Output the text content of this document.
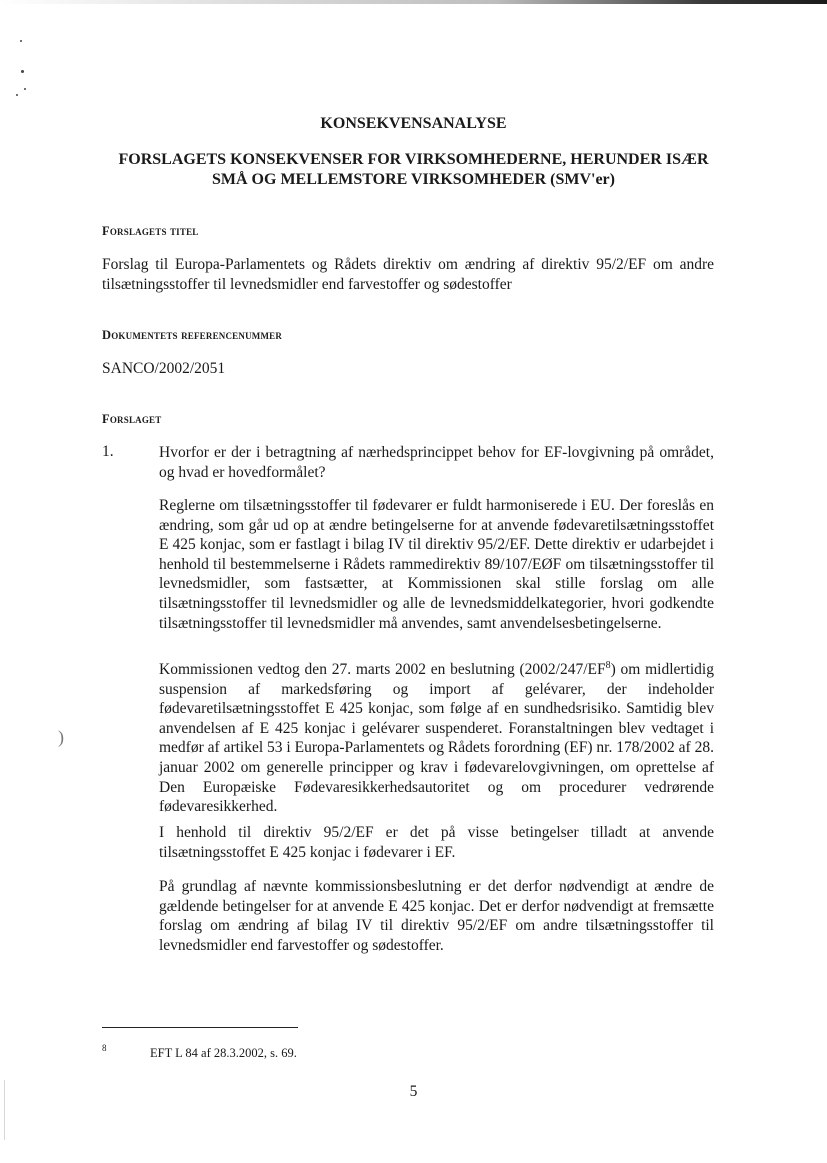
)
KONSEKVENSANALYSE
FORSLAGETS KONSEKVENSER FOR VIRKSOMHEDERNE, HERUNDER ISÆR
SMÅ OG MELLEMSTORE VIRKSOMHEDER (SMV'er)
Forslagets titel
Forslag til Europa-Parlamentets og Rådets direktiv om ændring af direktiv 95/2/EF om andre tilsætningsstoffer til levnedsmidler end farvestoffer og sødestoffer
Dokumentets referencenummer
SANCO/2002/2051
Forslaget
1.	Hvorfor er der i betragtning af nærhedsprincippet behov for EF-lovgivning på området, og hvad er hovedformålet?
Reglerne om tilsætningsstoffer til fødevarer er fuldt harmoniserede i EU. Der foreslås en ændring, som går ud op at ændre betingelserne for at anvende fødevaretilsætningsstoffet E 425 konjac, som er fastlagt i bilag IV til direktiv 95/2/EF. Dette direktiv er udarbejdet i henhold til bestemmelserne i Rådets rammedirektiv 89/107/EØF om tilsætningsstoffer til levnedsmidler, som fastsætter, at Kommissionen skal stille forslag om alle tilsætningsstoffer til levnedsmidler og alle de levnedsmiddelkategorier, hvori godkendte tilsætningsstoffer til levnedsmidler må anvendes, samt anvendelsesbetingelserne.
Kommissionen vedtog den 27. marts 2002 en beslutning $(2002/247/EF^8)$ om midlertidig suspension af markedsføring og import af gelévarer, der indeholder fødevaretilsætningsstoffet E 425 konjac, som følge af en sundhedsrisiko. Samtidig blev anvendelsen af E 425 konjac i gelévarer suspenderet. Foranstaltningen blev vedtaget i medfør af artikel 53 i Europa-Parlamentets og Rådets forordning (EF) nr. 178/2002 af 28. januar 2002 om generelle principper og krav i fødevarelovgivningen, om oprettelse af Den Europæiske Fødevaresikkerhedsautoritet og om procedurer vedrørende fødevaresikkerhed.
I henhold til direktiv 95/2/EF er det på visse betingelser tilladt at anvende tilsætningsstoffet E 425 konjac i fødevarer i EF.
På grundlag af nævnte kommissionsbeslutning er det derfor nødvendigt at ændre de gældende betingelser for at anvende E 425 konjac. Det er derfor nødvendigt at fremsætte forslag om ændring af bilag IV til direktiv 95/2/EF om andre tilsætningsstoffer til levnedsmidler end farvestoffer og sødestoffer.
8	EFT L 84 af 28.3.2002, s. 69.
5
